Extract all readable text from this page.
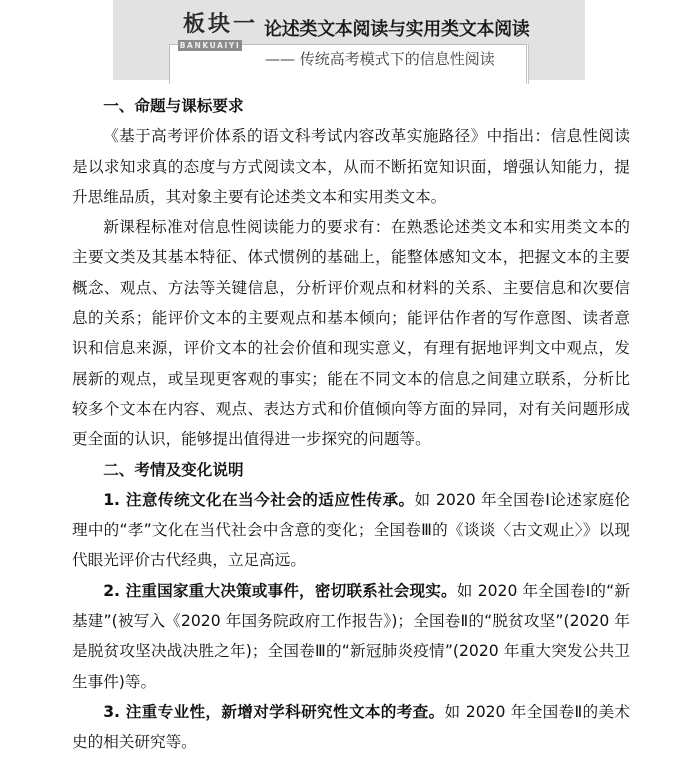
板块一
BANKUAIYI
论述类文本阅读与实用类文本阅读
—— 传统高考模式下的信息性阅读

一、命题与课标要求

《基于高考评价体系的语文科考试内容改革实施路径》中指出：信息性阅读是以求知求真的态度与方式阅读文本，从而不断拓宽知识面，增强认知能力，提升思维品质，其对象主要有论述类文本和实用类文本。

新课程标准对信息性阅读能力的要求有：在熟悉论述类文本和实用类文本的主要文类及其基本特征、体式惯例的基础上，能整体感知文本，把握文本的主要概念、观点、方法等关键信息，分析评价观点和材料的关系、主要信息和次要信息的关系；能评价文本的主要观点和基本倾向；能评估作者的写作意图、读者意识和信息来源，评价文本的社会价值和现实意义，有理有据地评判文中观点，发展新的观点，或呈现更客观的事实；能在不同文本的信息之间建立联系，分析比较多个文本在内容、观点、表达方式和价值倾向等方面的异同，对有关问题形成更全面的认识，能够提出值得进一步探究的问题等。

二、考情及变化说明

1. 注意传统文化在当今社会的适应性传承。如 2020 年全国卷Ⅰ论述家庭伦理中的“孝”文化在当代社会中含意的变化；全国卷Ⅲ的《谈谈〈古文观止〉》以现代眼光评价古代经典，立足高远。

2. 注重国家重大决策或事件，密切联系社会现实。如 2020 年全国卷Ⅰ的“新基建”(被写入《2020 年国务院政府工作报告》)；全国卷Ⅱ的“脱贫攻坚”(2020 年是脱贫攻坚决战决胜之年)；全国卷Ⅲ的“新冠肺炎疫情”(2020 年重大突发公共卫生事件)等。

3. 注重专业性，新增对学科研究性文本的考查。如 2020 年全国卷Ⅱ的美术史的相关研究等。
